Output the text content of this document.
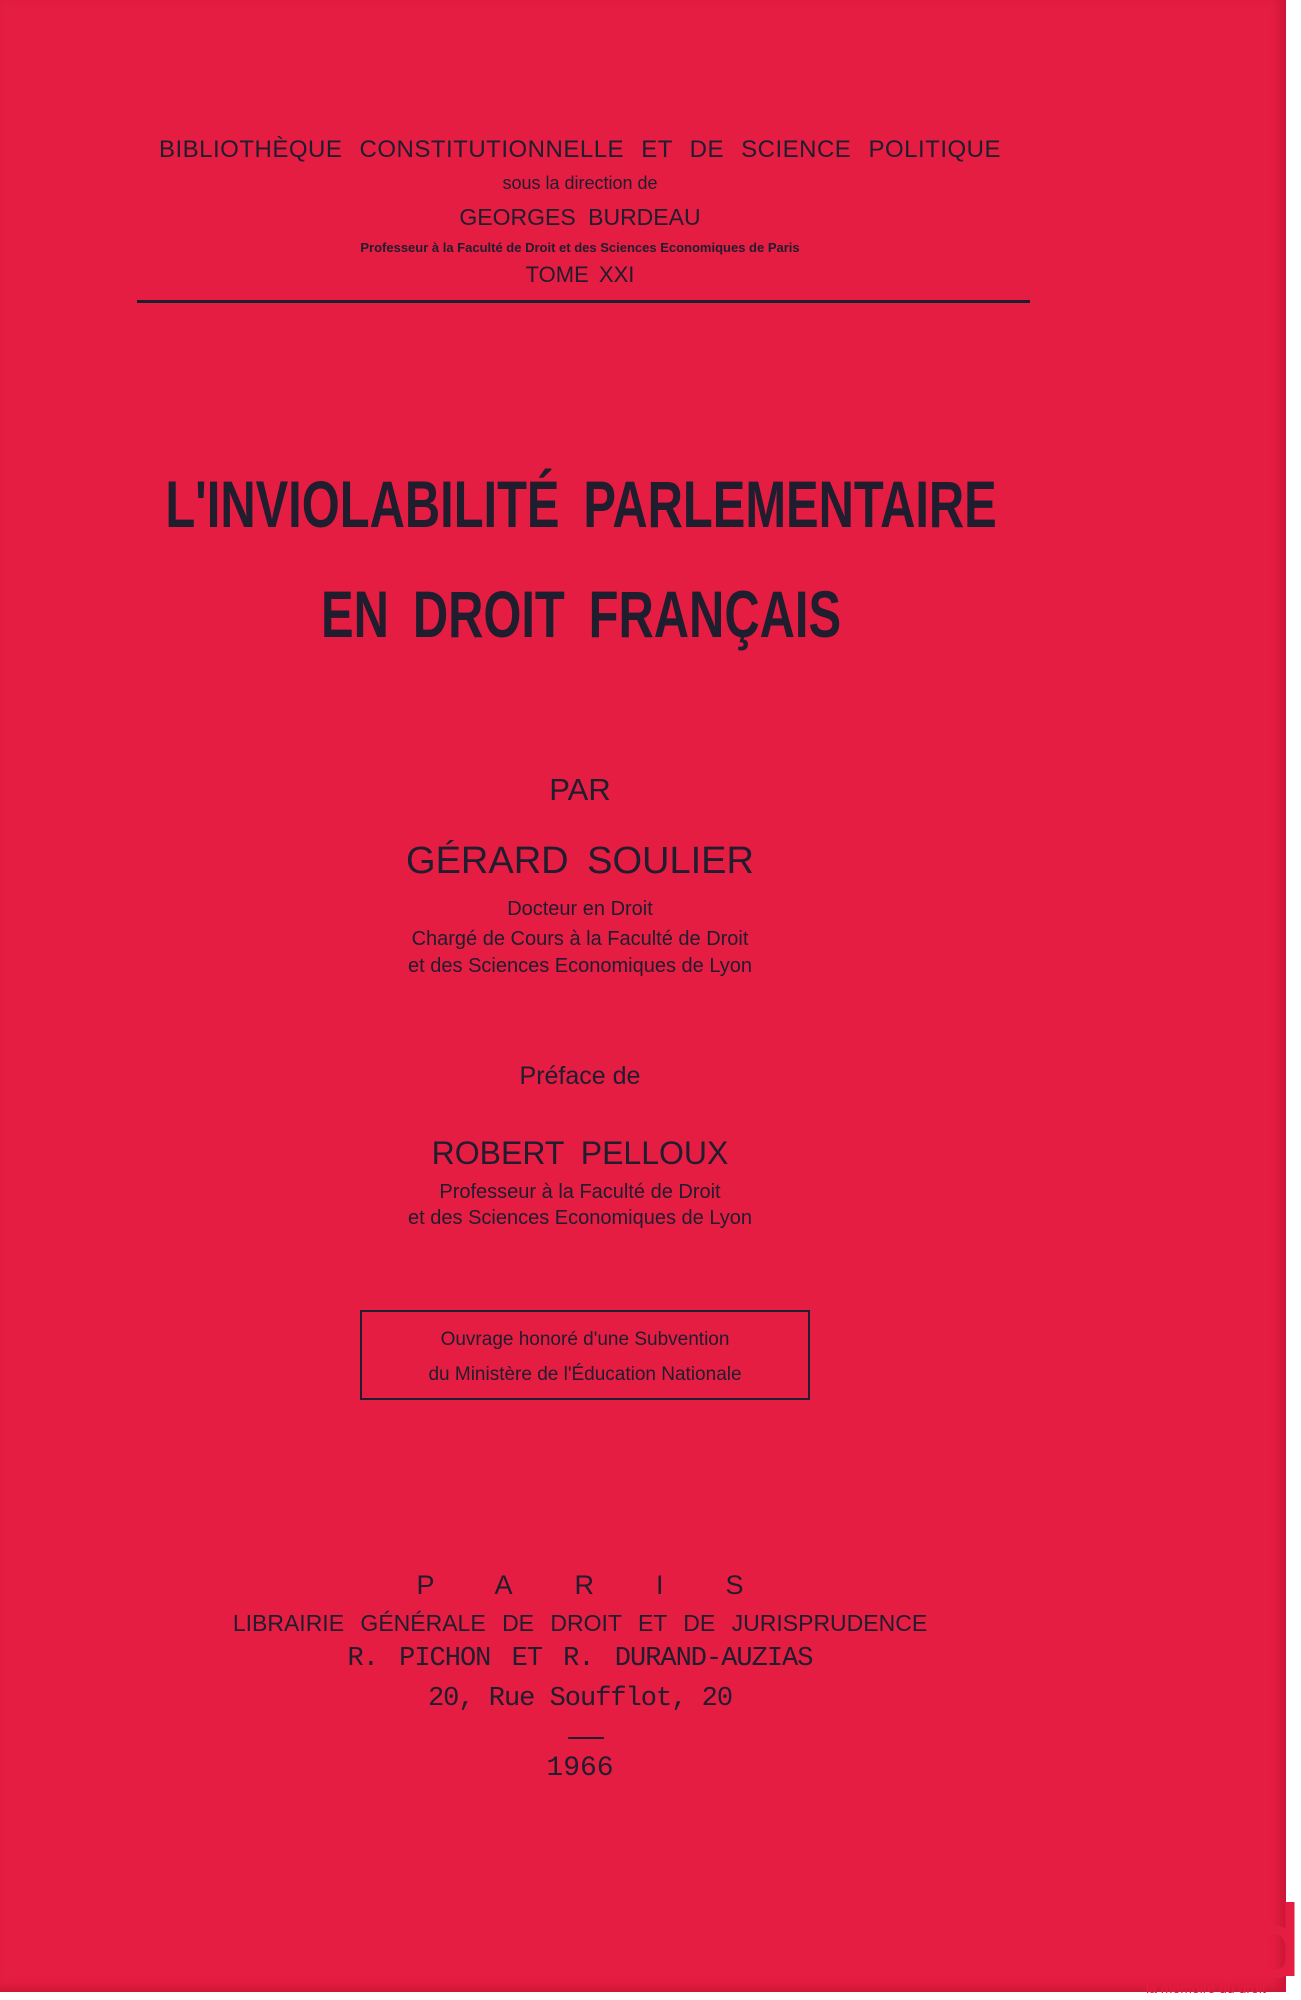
BIBLIOTHÈQUE CONSTITUTIONNELLE ET DE SCIENCE POLITIQUE
sous la direction de
GEORGES BURDEAU
Professeur à la Faculté de Droit et des Sciences Economiques de Paris
TOME XXI
L'INVIOLABILITÉ PARLEMENTAIRE
EN DROIT FRANÇAIS
PAR
GÉRARD SOULIER
Docteur en Droit
Chargé de Cours à la Faculté de Droit
et des Sciences Economiques de Lyon
Préface de
ROBERT PELLOUX
Professeur à la Faculté de Droit
et des Sciences Economiques de Lyon
Ouvrage honoré d'une Subvention
du Ministère de l'Éducation Nationale
PARIS
LIBRAIRIE GÉNÉRALE DE DROIT ET DE JURISPRUDENCE
R. PICHON ET R. DURAND-AUZIAS
20, Rue Soufflot, 20
1966
la mémoire du droit
